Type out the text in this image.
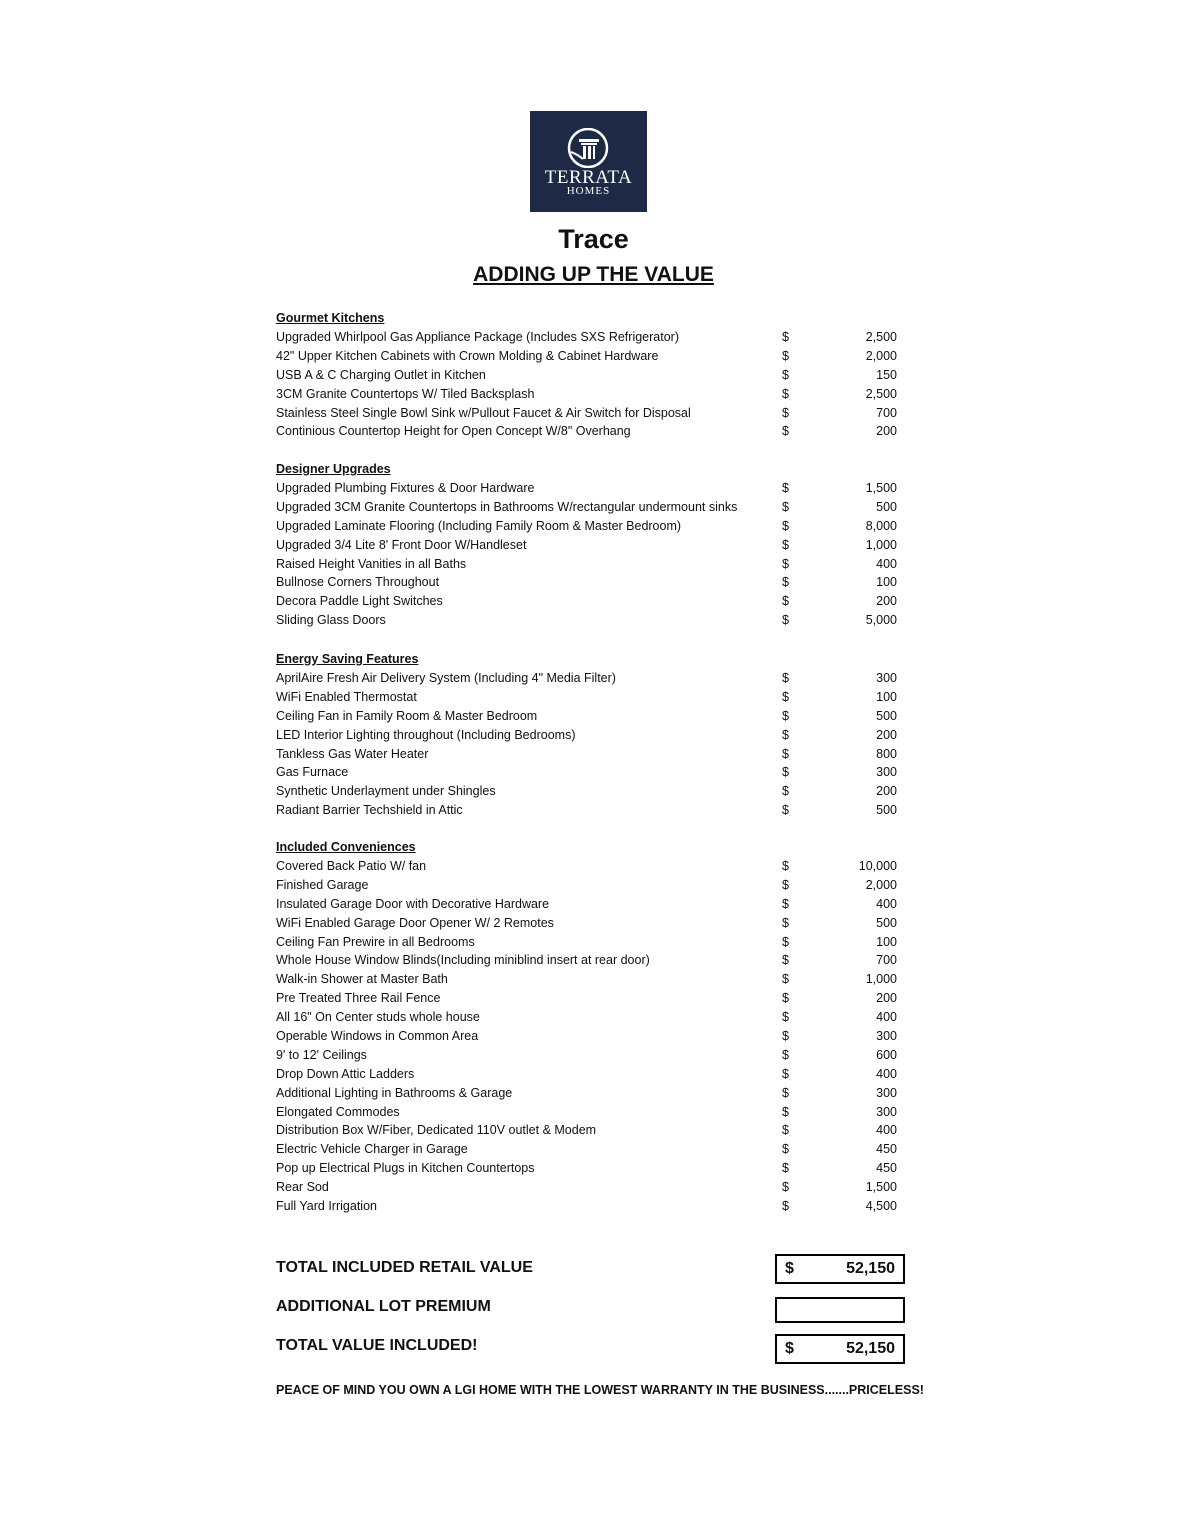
TERRATA
HOMES
Trace
ADDING UP THE VALUE
Gourmet Kitchens
Upgraded Whirlpool Gas Appliance Package (Includes SXS Refrigerator)	$	2,500
42" Upper Kitchen Cabinets with Crown Molding & Cabinet Hardware	$	2,000
USB A & C Charging Outlet in Kitchen	$	150
3CM Granite Countertops W/ Tiled Backsplash	$	2,500
Stainless Steel Single Bowl Sink w/Pullout Faucet & Air Switch for Disposal	$	700
Continious Countertop Height for Open Concept W/8" Overhang	$	200
Designer Upgrades
Upgraded Plumbing Fixtures & Door Hardware	$	1,500
Upgraded 3CM Granite Countertops in Bathrooms W/rectangular undermount sinks	$	500
Upgraded Laminate Flooring (Including Family Room & Master Bedroom)	$	8,000
Upgraded 3/4 Lite 8' Front Door W/Handleset	$	1,000
Raised Height Vanities in all Baths	$	400
Bullnose Corners Throughout	$	100
Decora Paddle Light Switches	$	200
Sliding Glass Doors	$	5,000
Energy Saving Features
AprilAire Fresh Air Delivery System (Including 4" Media Filter)	$	300
WiFi Enabled Thermostat	$	100
Ceiling Fan in Family Room & Master Bedroom	$	500
LED Interior Lighting throughout (Including Bedrooms)	$	200
Tankless Gas Water Heater	$	800
Gas Furnace	$	300
Synthetic Underlayment under Shingles	$	200
Radiant Barrier Techshield in Attic	$	500
Included Conveniences
Covered Back Patio W/ fan	$	10,000
Finished Garage	$	2,000
Insulated Garage Door with Decorative Hardware	$	400
WiFi Enabled Garage Door Opener W/ 2 Remotes	$	500
Ceiling Fan Prewire in all Bedrooms	$	100
Whole House Window Blinds(Including miniblind insert at rear door)	$	700
Walk-in Shower at Master Bath	$	1,000
Pre Treated Three Rail Fence	$	200
All 16" On Center studs whole house	$	400
Operable Windows in Common Area	$	300
9' to 12' Ceilings	$	600
Drop Down Attic Ladders	$	400
Additional Lighting in Bathrooms & Garage	$	300
Elongated Commodes	$	300
Distribution Box W/Fiber, Dedicated 110V outlet & Modem	$	400
Electric Vehicle Charger in Garage	$	450
Pop up Electrical Plugs in Kitchen Countertops	$	450
Rear Sod	$	1,500
Full Yard Irrigation	$	4,500
TOTAL INCLUDED RETAIL VALUE	$	52,150
ADDITIONAL LOT PREMIUM
TOTAL VALUE INCLUDED!	$	52,150
PEACE OF MIND YOU OWN A LGI HOME WITH THE LOWEST WARRANTY IN THE BUSINESS.......PRICELESS!
